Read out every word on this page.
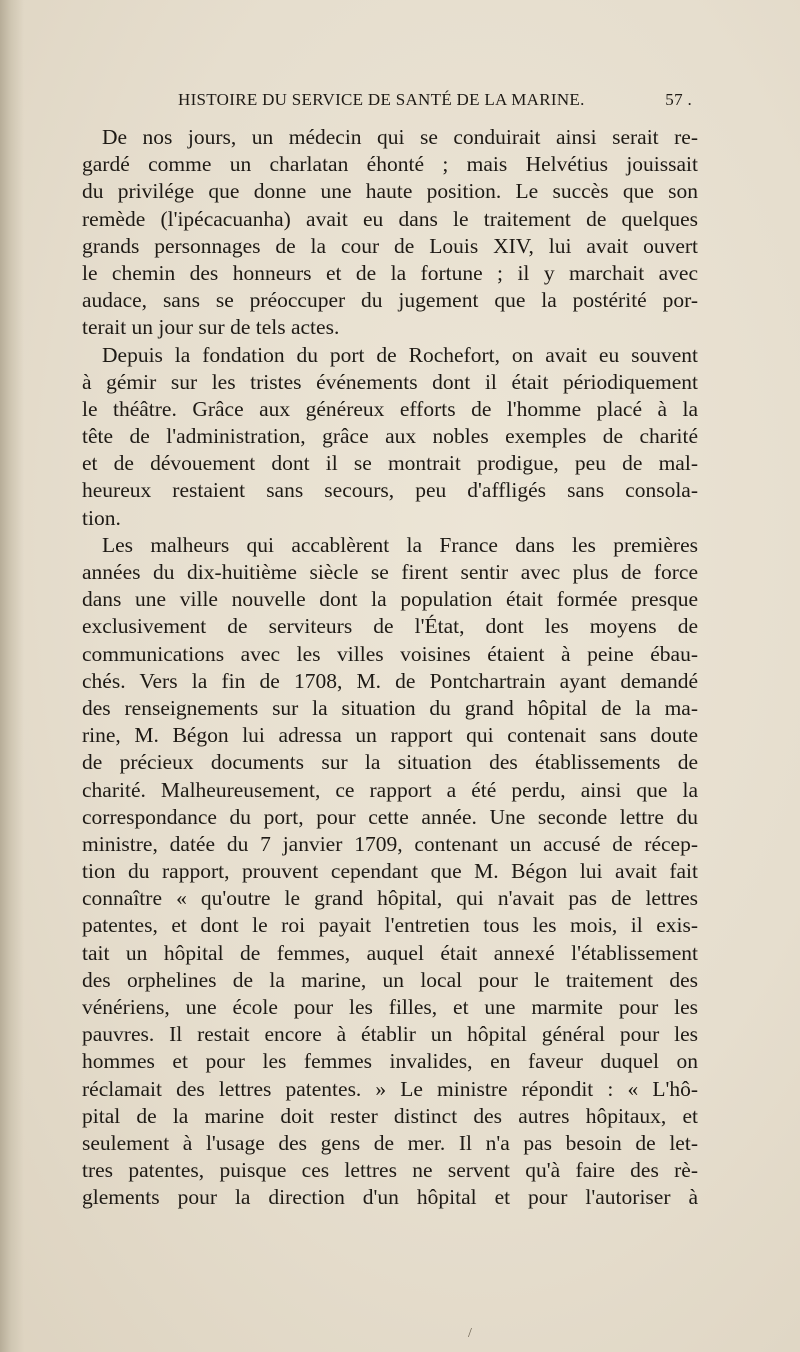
HISTOIRE DU SERVICE DE SANTÉ DE LA MARINE.	57 .

De nos jours, un médecin qui se conduirait ainsi serait re-
gardé comme un charlatan éhonté ; mais Helvétius jouissait
du privilége que donne une haute position. Le succès que son
remède (l'ipécacuanha) avait eu dans le traitement de quelques
grands personnages de la cour de Louis XIV, lui avait ouvert
le chemin des honneurs et de la fortune ; il y marchait avec
audace, sans se préoccuper du jugement que la postérité por-
terait un jour sur de tels actes.

Depuis la fondation du port de Rochefort, on avait eu souvent
à gémir sur les tristes événements dont il était périodiquement
le théâtre. Grâce aux généreux efforts de l'homme placé à la
tête de l'administration, grâce aux nobles exemples de charité
et de dévouement dont il se montrait prodigue, peu de mal-
heureux restaient sans secours, peu d'affligés sans consola-
tion.

Les malheurs qui accablèrent la France dans les premières
années du dix-huitième siècle se firent sentir avec plus de force
dans une ville nouvelle dont la population était formée presque
exclusivement de serviteurs de l'État, dont les moyens de
communications avec les villes voisines étaient à peine ébau-
chés. Vers la fin de 1708, M. de Pontchartrain ayant demandé
des renseignements sur la situation du grand hôpital de la ma-
rine, M. Bégon lui adressa un rapport qui contenait sans doute
de précieux documents sur la situation des établissements de
charité. Malheureusement, ce rapport a été perdu, ainsi que la
correspondance du port, pour cette année. Une seconde lettre du
ministre, datée du 7 janvier 1709, contenant un accusé de récep-
tion du rapport, prouvent cependant que M. Bégon lui avait fait
connaître « qu'outre le grand hôpital, qui n'avait pas de lettres
patentes, et dont le roi payait l'entretien tous les mois, il exis-
tait un hôpital de femmes, auquel était annexé l'établissement
des orphelines de la marine, un local pour le traitement des
vénériens, une école pour les filles, et une marmite pour les
pauvres. Il restait encore à établir un hôpital général pour les
hommes et pour les femmes invalides, en faveur duquel on
réclamait des lettres patentes. » Le ministre répondit : « L'hô-
pital de la marine doit rester distinct des autres hôpitaux, et
seulement à l'usage des gens de mer. Il n'a pas besoin de let-
tres patentes, puisque ces lettres ne servent qu'à faire des rè-
glements pour la direction d'un hôpital et pour l'autoriser à

/
